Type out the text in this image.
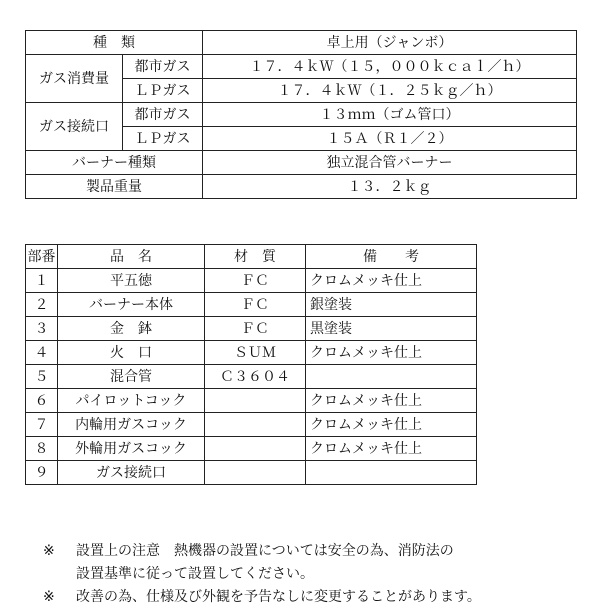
種　類		卓上用（ジャンボ）
ガス消費量	都市ガス	１７．４ｋＷ（１５，０００ｋｃａｌ／ｈ）
	ＬＰガス	１７．４ｋＷ（１．２５ｋｇ／ｈ）
ガス接続口	都市ガス	１３ｍｍ（ゴム管口）
	ＬＰガス	１５Ａ（Ｒ１／２）
バーナー種類		独立混合管バーナー
製品重量		１３．２ｋｇ
部番	品　名	材　質	備　　考
１	平五徳	ＦＣ	クロムメッキ仕上
２	バーナー本体	ＦＣ	銀塗装
３	金　鉢	ＦＣ	黒塗装
４	火　口	ＳＵＭ	クロムメッキ仕上
５	混合管	Ｃ３６０４	
６	パイロットコック		クロムメッキ仕上
７	内輪用ガスコック		クロムメッキ仕上
８	外輪用ガスコック		クロムメッキ仕上
９	ガス接続口		
※	設置上の注意　熱機器の設置については安全の為、消防法の
設置基準に従って設置してください。
※	改善の為、仕様及び外観を予告なしに変更することがあります。
